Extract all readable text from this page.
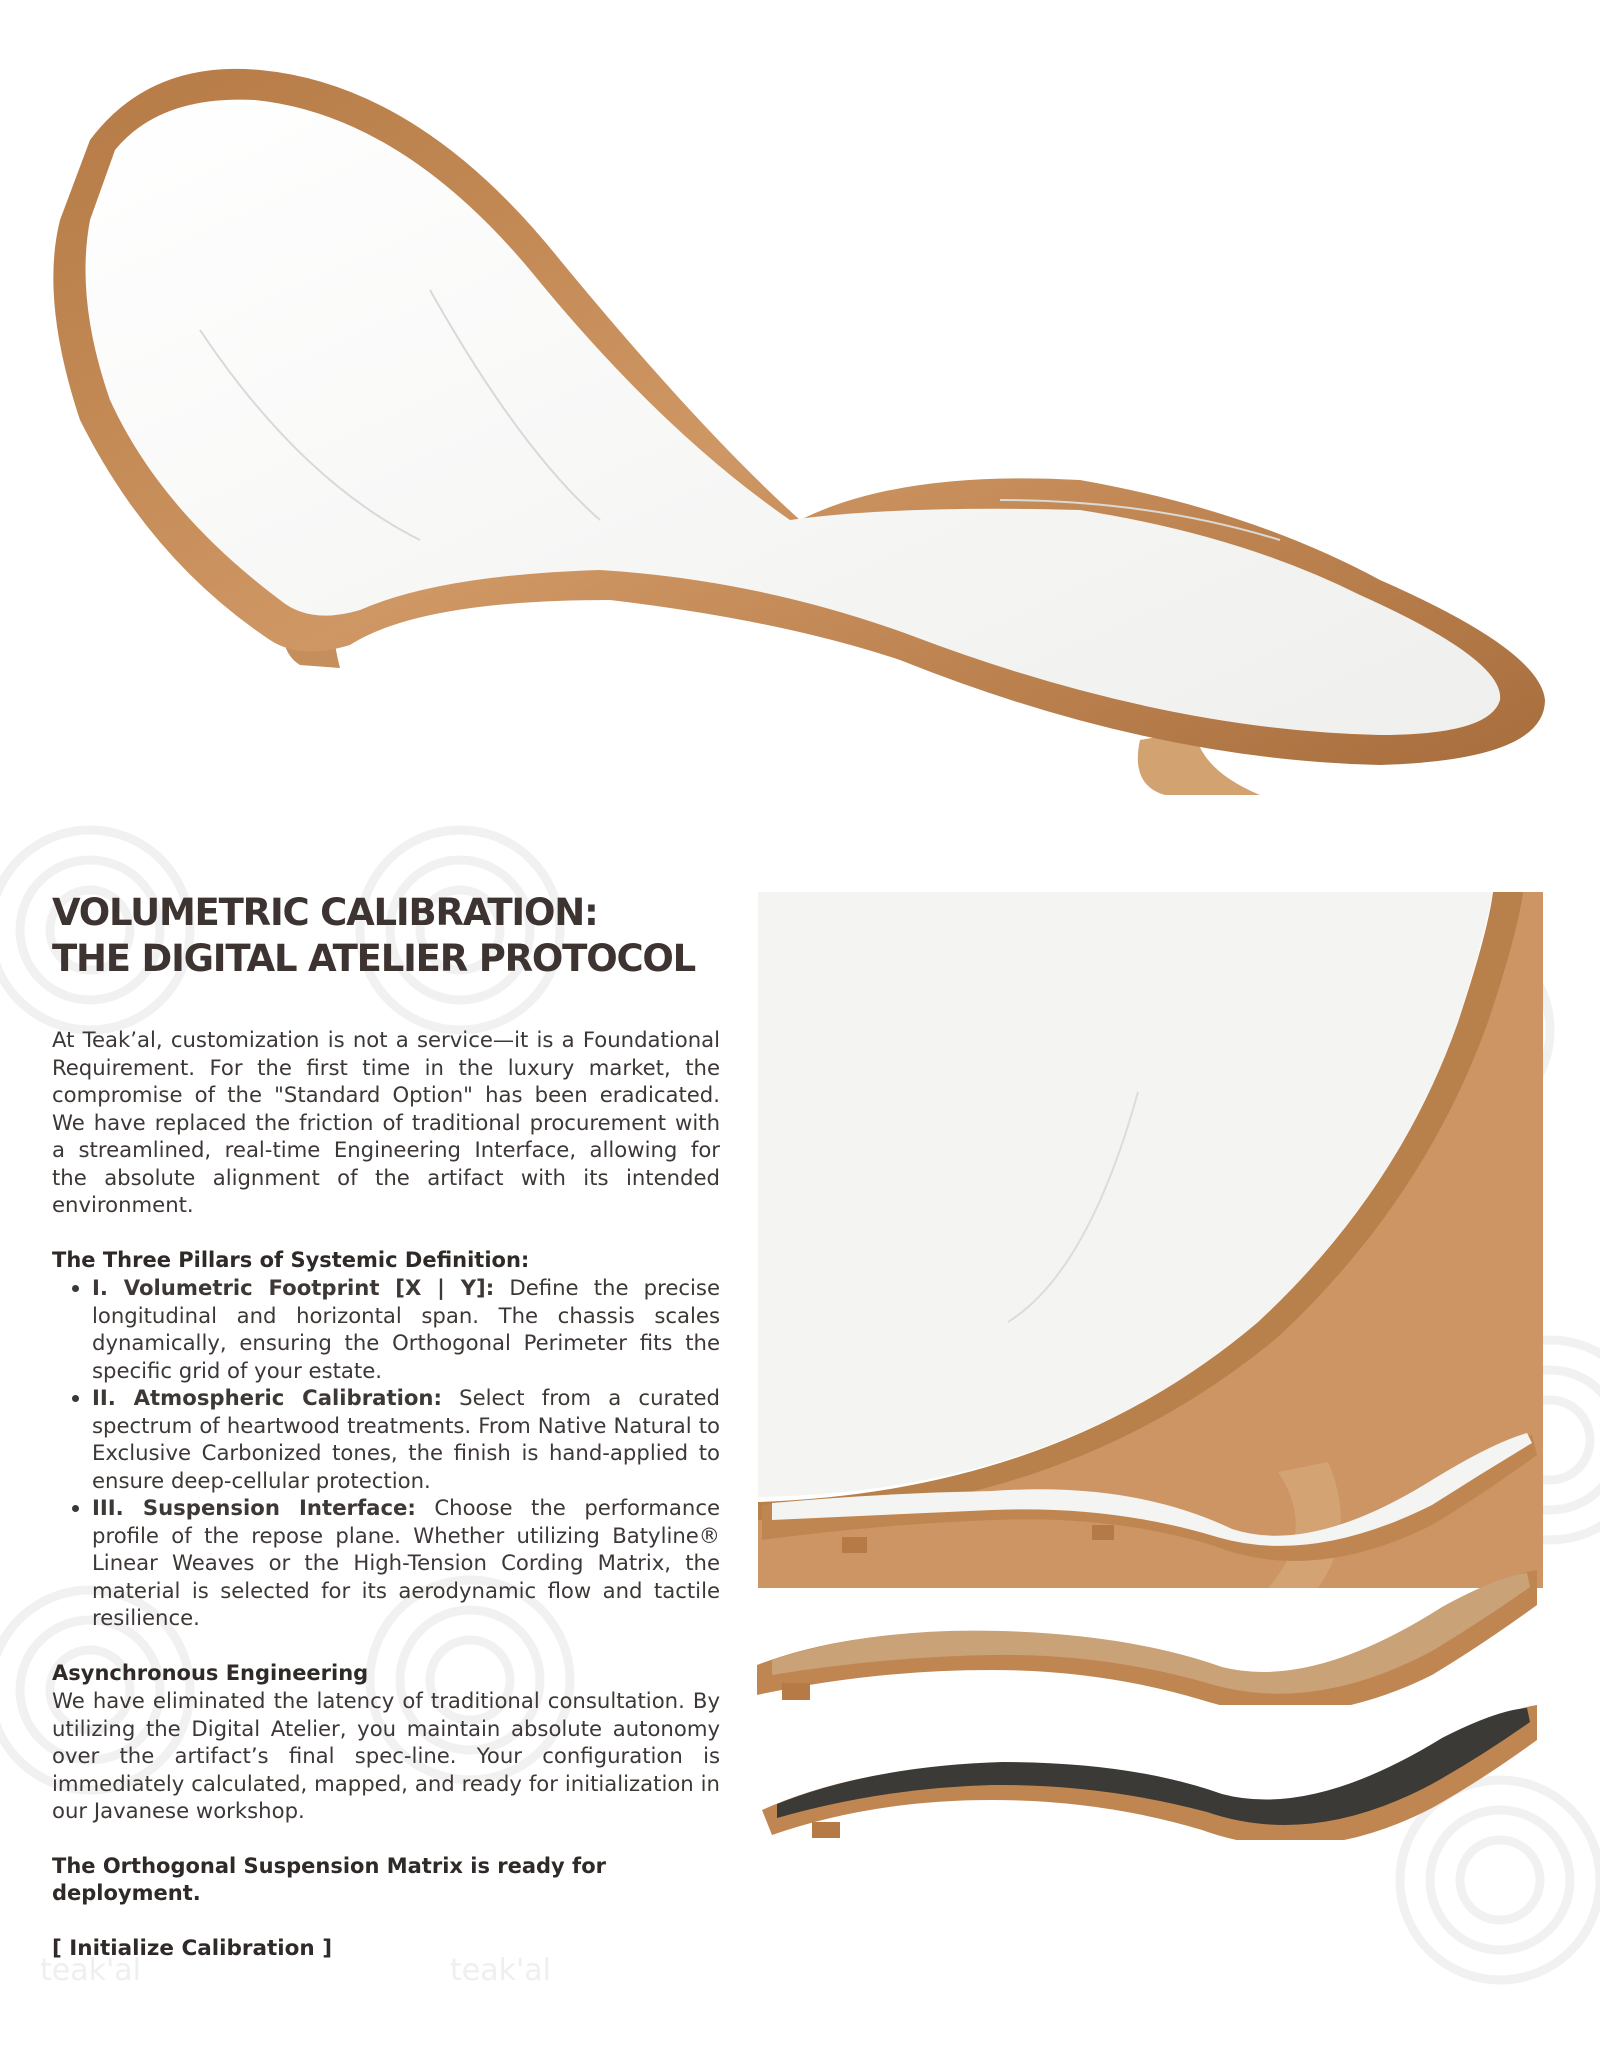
teak'al	teak'al
VOLUMETRIC CALIBRATION:
THE DIGITAL ATELIER PROTOCOL

At Teak’al, customization is not a service—it is a Foundational Requirement. For the first time in the luxury market, the compromise of the "Standard Option" has been eradicated. We have replaced the friction of traditional procurement with a streamlined, real-time Engineering Interface, allowing for the absolute alignment of the artifact with its intended environment.

The Three Pillars of Systemic Definition:

• I. Volumetric Footprint [X | Y]: Define the precise longitudinal and horizontal span. The chassis scales dynamically, ensuring the Orthogonal Perimeter fits the specific grid of your estate.
• II. Atmospheric Calibration: Select from a curated spectrum of heartwood treatments. From Native Natural to Exclusive Carbonized tones, the finish is hand-applied to ensure deep-cellular protection.
• III. Suspension Interface: Choose the performance profile of the repose plane. Whether utilizing Batyline® Linear Weaves or the High-Tension Cording Matrix, the material is selected for its aerodynamic flow and tactile resilience.

Asynchronous Engineering

We have eliminated the latency of traditional consultation. By utilizing the Digital Atelier, you maintain absolute autonomy over the artifact’s final spec-line. Your configuration is immediately calculated, mapped, and ready for initialization in our Javanese workshop.

The Orthogonal Suspension Matrix is ready for deployment.

[ Initialize Calibration ]
